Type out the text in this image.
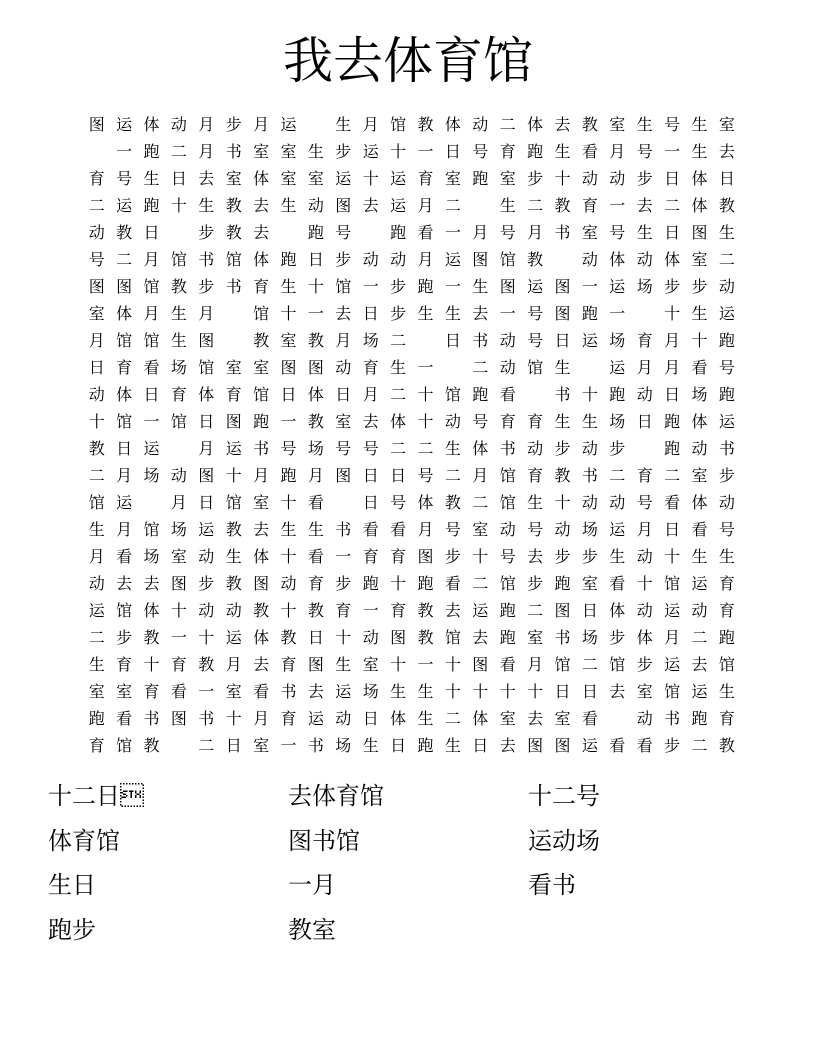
我去体育馆
图 运 体 动 月 步 月 运
	生 月 馆 教 体 动 二 体 去 教 室 生 号 生 室

一 跑 二 月 书 室 室 生 步 运 十 一 日 号 育 跑 生 看 月 号 一 生 去
育 号 生 日 去 室 体 室 室 运 十 运 育 室 跑 室 步 十 动 动 步 日 体 日
二 运 跑 十 生 教 去 生 动 图 去 运 月 二
	生 二 教 育 一 去 二 体 教
动 教 日
	步 教 去
	跑 号
	跑 看 一 月 号 月 书 室 号 生 日 图 生
号 二 月 馆 书 馆 体 跑 日 步 动 动 月 运 图 馆 教
	动 体 动 体 室 二
图 图 馆 教 步 书 育 生 十 馆 一 步 跑 一 生 图 运 图 一 运 场 步 步 动
室 体 月 生 月
	馆 十 一 去 日 步 生 生 去 一 号 图 跑 一
	十 生 运
月 馆 馆 生 图
	教 室 教 月 场 二
	日 书 动 号 日 运 场 育 月 十 跑
日 育 看 场 馆 室 室 图 图 动 育 生 一
	二 动 馆 生
	运 月 月 看 号
动 体 日 育 体 育 馆 日 体 日 月 二 十 馆 跑 看
	书 十 跑 动 日 场 跑
十 馆 一 馆 日 图 跑 一 教 室 去 体 十 动 号 育 育 生 生 场 日 跑 体 运
教 日 运
	月 运 书 号 场 号 号 二 二 生 体 书 动 步 动 步
	跑 动 书
二 月 场 动 图 十 月 跑 月 图 日 日 号 二 月 馆 育 教 书 二 育 二 室 步
馆 运
	月 日 馆 室 十 看
	日 号 体 教 二 馆 生 十 动 动 号 看 体 动
生 月 馆 场 运 教 去 生 生 书 看 看 月 号 室 动 号 动 场 运 月 日 看 号
月 看 场 室 动 生 体 十 看 一 育 育 图 步 十 号 去 步 步 生 动 十 生 生
动 去 去 图 步 教 图 动 育 步 跑 十 跑 看 二 馆 步 跑 室 看 十 馆 运 育
运 馆 体 十 动 动 教 十 教 育 一 育 教 去 运 跑 二 图 日 体 动 运 动 育
二 步 教 一 十 运 体 教 日 十 动 图 教 馆 去 跑 室 书 场 步 体 月 二 跑
生 育 十 育 教 月 去 育 图 生 室 十 一 十 图 看 月 馆 二 馆 步 运 去 馆
室 室 育 看 一 室 看 书 去 运 场 生 生 十 十 十 十 日 日 去 室 馆 运 生
跑 看 书 图 书 十 月 育 运 动 日 体 生 二 体 室 去 室 看
	动 书 跑 育
育 馆 教
	二 日 室 一 书 场 生 日 跑 生 日 去 图 图 运 看 看 步 二 教
十二日	去体育馆	十二号
体育馆	图书馆	运动场
生日	一月	看书
跑步	教室
